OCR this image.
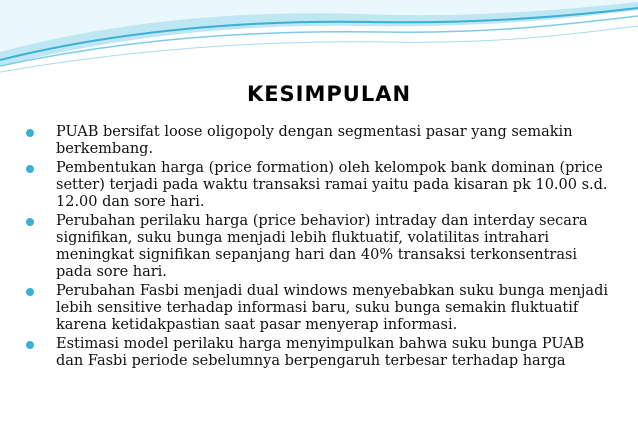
KESIMPULAN
PUAB bersifat loose oligopoly dengan segmentasi pasar yang semakin berkembang.
Pembentukan harga (price formation) oleh kelompok bank dominan (price setter) terjadi pada waktu transaksi ramai yaitu pada kisaran pk 10.00 s.d. 12.00 dan sore hari.
Perubahan perilaku harga (price behavior) intraday dan interday secara signifikan, suku bunga menjadi lebih fluktuatif, volatilitas intrahari meningkat signifikan sepanjang hari dan 40% transaksi terkonsentrasi pada sore hari.
Perubahan Fasbi menjadi dual windows menyebabkan suku bunga menjadi lebih sensitive terhadap informasi baru, suku bunga semakin fluktuatif karena ketidakpastian saat pasar menyerap informasi.
Estimasi model perilaku harga menyimpulkan bahwa suku bunga PUAB dan Fasbi periode sebelumnya berpengaruh terbesar terhadap harga
